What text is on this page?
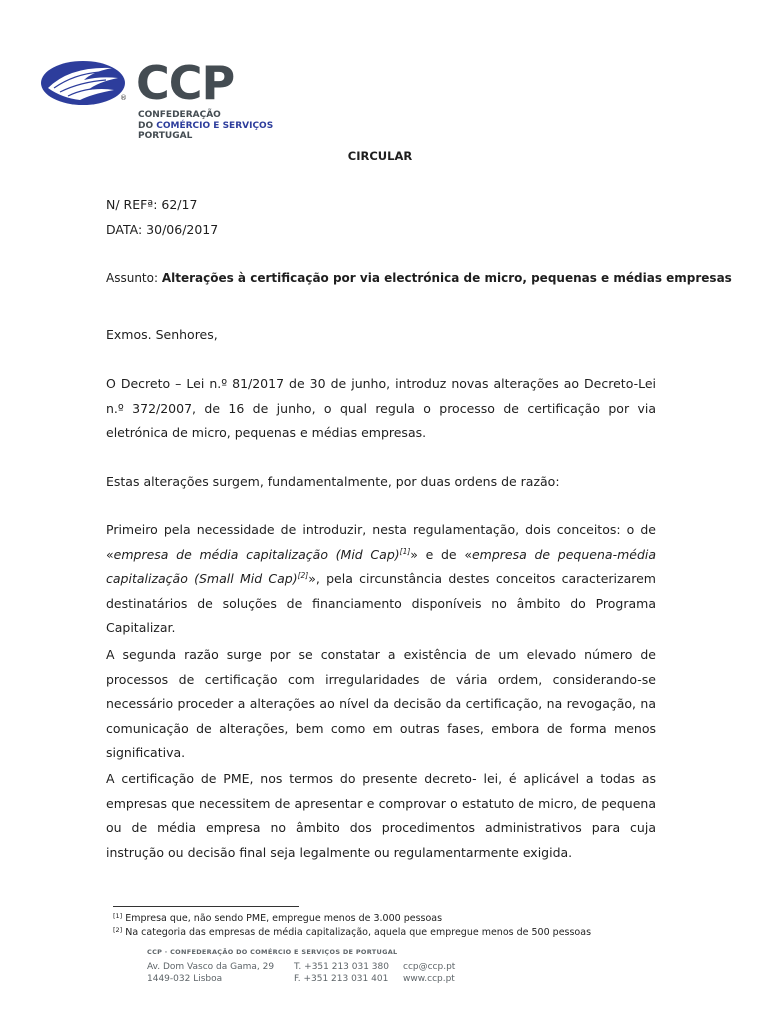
® CCP
CONFEDERAÇÃO
DO COMÉRCIO E SERVIÇOS
PORTUGAL
CIRCULAR
N/ REFª: 62/17
DATA: 30/06/2017
Assunto: Alterações à certificação por via electrónica de micro, pequenas e médias empresas
Exmos. Senhores,
O Decreto – Lei n.º 81/2017 de 30 de junho, introduz novas alterações ao Decreto-Lei n.º 372/2007, de 16 de junho, o qual regula o processo de certificação por via eletrónica de micro, pequenas e médias empresas.
Estas alterações surgem, fundamentalmente, por duas ordens de razão:
Primeiro pela necessidade de introduzir, nesta regulamentação, dois conceitos: o de «empresa de média capitalização (Mid Cap)[1]» e de «empresa de pequena-média capitalização (Small Mid Cap)[2]», pela circunstância destes conceitos caracterizarem destinatários de soluções de financiamento disponíveis no âmbito do Programa Capitalizar.
A segunda razão surge por se constatar a existência de um elevado número de processos de certificação com irregularidades de vária ordem, considerando-se necessário proceder a alterações ao nível da decisão da certificação, na revogação, na comunicação de alterações, bem como em outras fases, embora de forma menos significativa.
A certificação de PME, nos termos do presente decreto- lei, é aplicável a todas as empresas que necessitem de apresentar e comprovar o estatuto de micro, de pequena ou de média empresa no âmbito dos procedimentos administrativos para cuja instrução ou decisão final seja legalmente ou regulamentarmente exigida.
[1] Empresa que, não sendo PME, empregue menos de 3.000 pessoas
[2] Na categoria das empresas de média capitalização, aquela que empregue menos de 500 pessoas
CCP · CONFEDERAÇÃO DO COMÉRCIO E SERVIÇOS DE PORTUGAL
Av. Dom Vasco da Gama, 29
1449-032 Lisboa
T. +351 213 031 380
F. +351 213 031 401
ccp@ccp.pt
www.ccp.pt
